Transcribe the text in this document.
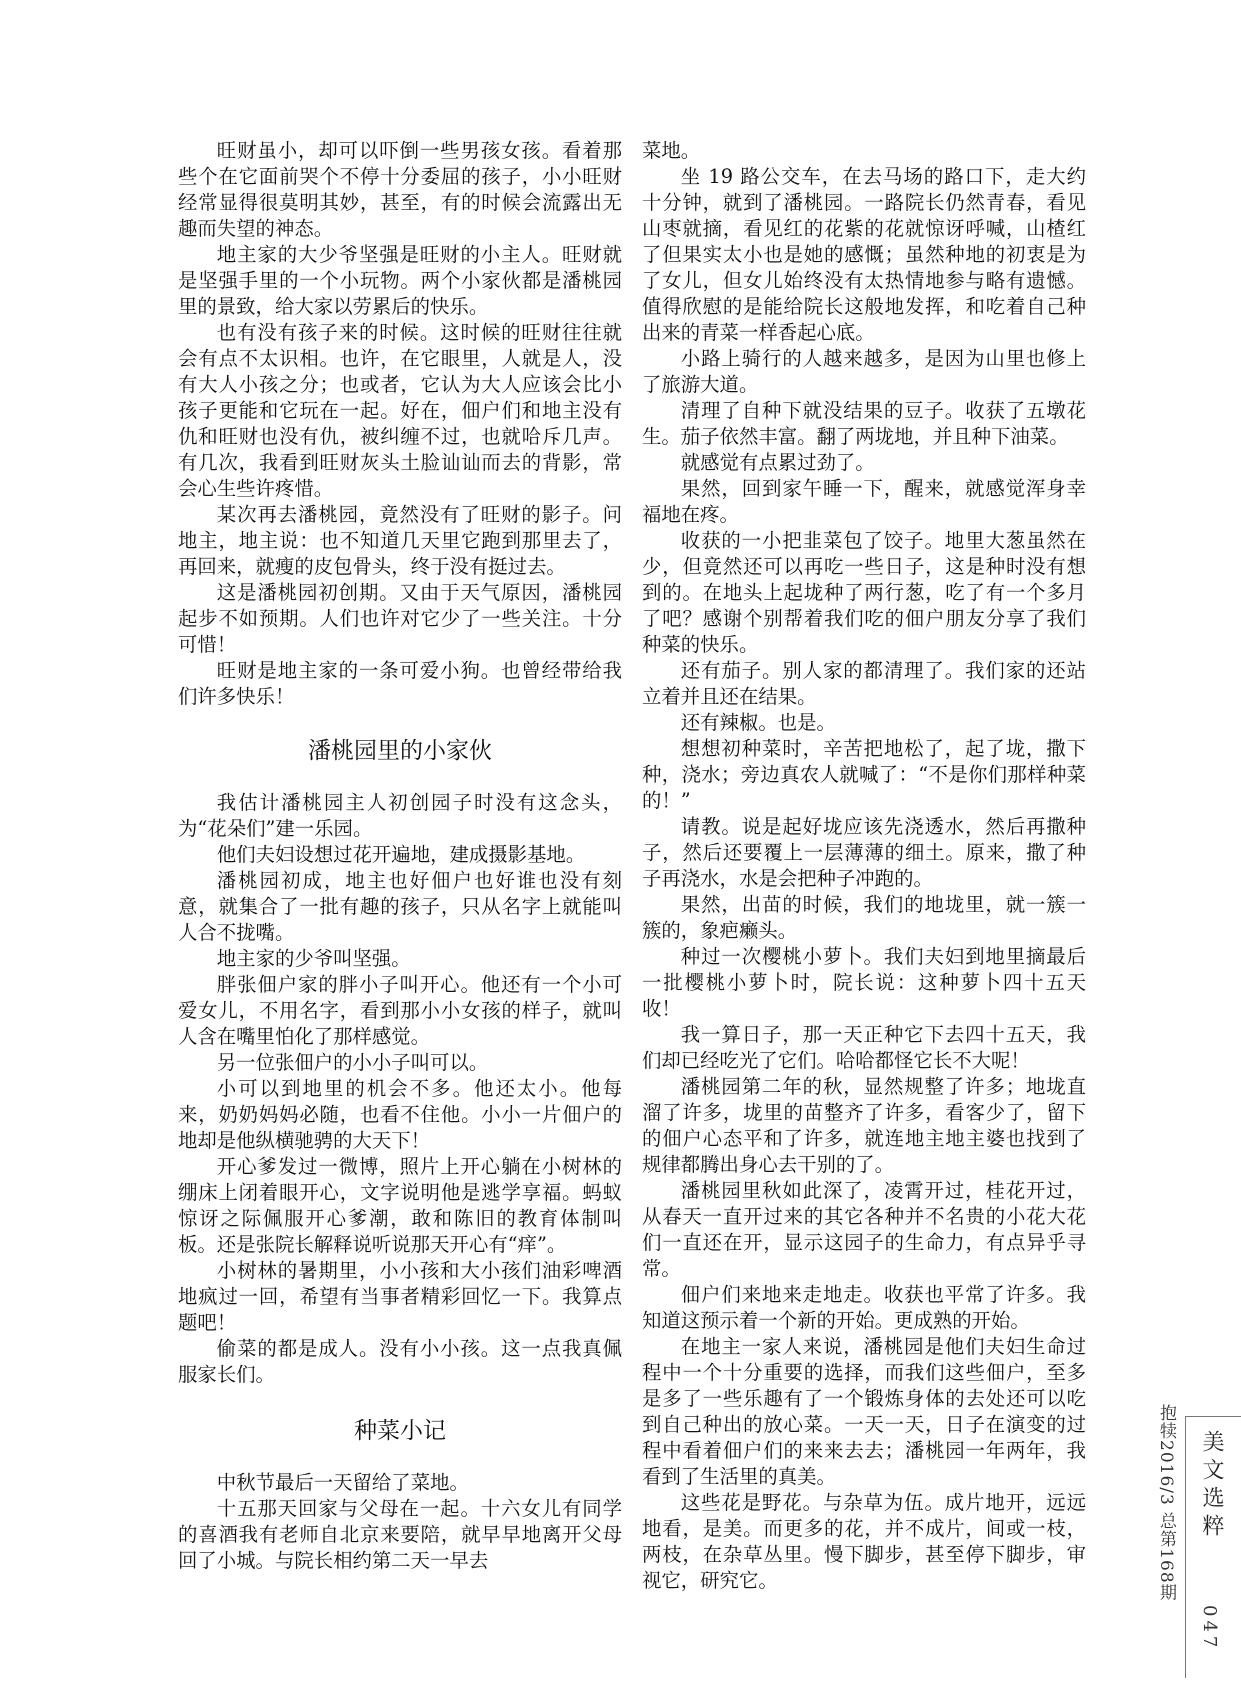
旺财虽小，却可以吓倒一些男孩女孩。看着那些个在它面前哭个不停十分委屈的孩子，小小旺财经常显得很莫明其妙，甚至，有的时候会流露出无趣而失望的神态。

地主家的大少爷坚强是旺财的小主人。旺财就是坚强手里的一个小玩物。两个小家伙都是潘桃园里的景致，给大家以劳累后的快乐。

也有没有孩子来的时候。这时候的旺财往往就会有点不太识相。也许，在它眼里，人就是人，没有大人小孩之分；也或者，它认为大人应该会比小孩子更能和它玩在一起。好在，佃户们和地主没有仇和旺财也没有仇，被纠缠不过，也就哈斥几声。有几次，我看到旺财灰头土脸讪讪而去的背影，常会心生些许疼惜。

某次再去潘桃园，竟然没有了旺财的影子。问地主，地主说：也不知道几天里它跑到那里去了，再回来，就瘦的皮包骨头，终于没有挺过去。

这是潘桃园初创期。又由于天气原因，潘桃园起步不如预期。人们也许对它少了一些关注。十分可惜！

旺财是地主家的一条可爱小狗。也曾经带给我们许多快乐！

潘桃园里的小家伙

我估计潘桃园主人初创园子时没有这念头，为“花朵们”建一乐园。

他们夫妇设想过花开遍地，建成摄影基地。

潘桃园初成，地主也好佃户也好谁也没有刻意，就集合了一批有趣的孩子，只从名字上就能叫人合不拢嘴。

地主家的少爷叫坚强。

胖张佃户家的胖小子叫开心。他还有一个小可爱女儿，不用名字，看到那小小女孩的样子，就叫人含在嘴里怕化了那样感觉。

另一位张佃户的小小子叫可以。

小可以到地里的机会不多。他还太小。他每来，奶奶妈妈必随，也看不住他。小小一片佃户的地却是他纵横驰骋的大天下！

开心爹发过一微博，照片上开心躺在小树林的绷床上闭着眼开心，文字说明他是逃学享福。蚂蚁惊讶之际佩服开心爹潮，敢和陈旧的教育体制叫板。还是张院长解释说听说那天开心有“痒”。

小树林的暑期里，小小孩和大小孩们油彩啤酒地疯过一回，希望有当事者精彩回忆一下。我算点题吧！

偷菜的都是成人。没有小小孩。这一点我真佩服家长们。

种菜小记

中秋节最后一天留给了菜地。

十五那天回家与父母在一起。十六女儿有同学的喜酒我有老师自北京来要陪，就早早地离开父母回了小城。与院长相约第二天一早去

菜地。

坐 19 路公交车，在去马场的路口下，走大约十分钟，就到了潘桃园。一路院长仍然青春，看见山枣就摘，看见红的花紫的花就惊讶呼喊，山楂红了但果实太小也是她的感慨；虽然种地的初衷是为了女儿，但女儿始终没有太热情地参与略有遗憾。值得欣慰的是能给院长这般地发挥，和吃着自己种出来的青菜一样香起心底。

小路上骑行的人越来越多，是因为山里也修上了旅游大道。

清理了自种下就没结果的豆子。收获了五墩花生。茄子依然丰富。翻了两垅地，并且种下油菜。

就感觉有点累过劲了。

果然，回到家午睡一下，醒来，就感觉浑身幸福地在疼。

收获的一小把韭菜包了饺子。地里大葱虽然在少，但竟然还可以再吃一些日子，这是种时没有想到的。在地头上起垅种了两行葱，吃了有一个多月了吧？感谢个别帮着我们吃的佃户朋友分享了我们种菜的快乐。

还有茄子。别人家的都清理了。我们家的还站立着并且还在结果。

还有辣椒。也是。

想想初种菜时，辛苦把地松了，起了垅，撒下种，浇水；旁边真农人就喊了：“不是你们那样种菜的！”

请教。说是起好垅应该先浇透水，然后再撒种子，然后还要覆上一层薄薄的细土。原来，撒了种子再浇水，水是会把种子冲跑的。

果然，出苗的时候，我们的地垅里，就一簇一簇的，象疤癞头。

种过一次樱桃小萝卜。我们夫妇到地里摘最后一批樱桃小萝卜时，院长说：这种萝卜四十五天收！

我一算日子，那一天正种它下去四十五天，我们却已经吃光了它们。哈哈都怪它长不大呢！

潘桃园第二年的秋，显然规整了许多；地垅直溜了许多，垅里的苗整齐了许多，看客少了，留下的佃户心态平和了许多，就连地主地主婆也找到了规律都腾出身心去干别的了。

潘桃园里秋如此深了，凌霄开过，桂花开过，从春天一直开过来的其它各种并不名贵的小花大花们一直还在开，显示这园子的生命力，有点异乎寻常。

佃户们来地来走地走。收获也平常了许多。我知道这预示着一个新的开始。更成熟的开始。

在地主一家人来说，潘桃园是他们夫妇生命过程中一个十分重要的选择，而我们这些佃户，至多是多了一些乐趣有了一个锻炼身体的去处还可以吃到自己种出的放心菜。一天一天，日子在演变的过程中看着佃户们的来来去去；潘桃园一年两年，我看到了生活里的真美。

这些花是野花。与杂草为伍。成片地开，远远地看，是美。而更多的花，并不成片，间或一枝，两枝，在杂草丛里。慢下脚步，甚至停下脚步，审视它，研究它。	抱犊2016/3 总第168期 美文选粹
047
